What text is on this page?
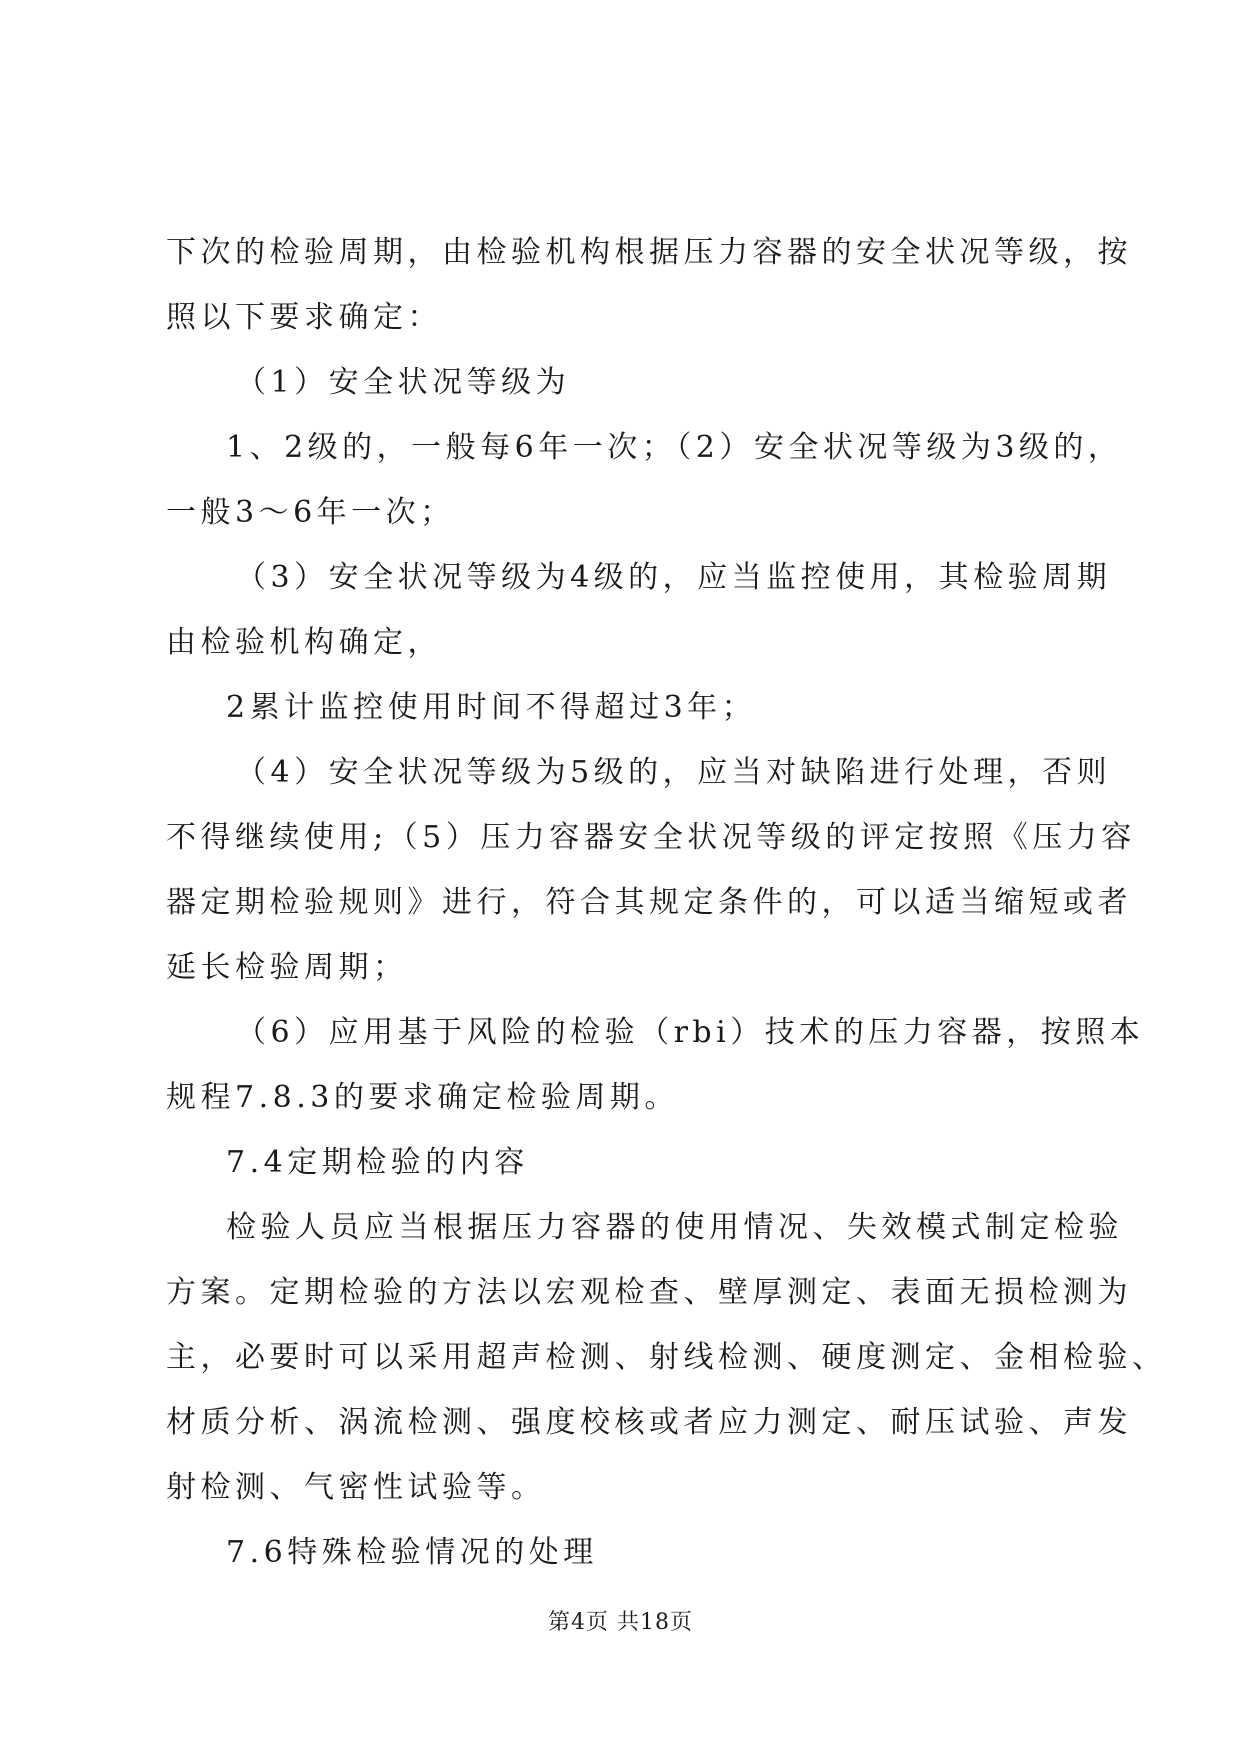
下次的检验周期，由检验机构根据压力容器的安全状况等级，按
照以下要求确定：
（1）安全状况等级为
1、2级的，一般每6年一次；（2）安全状况等级为3级的，
一般3～6年一次；
（3）安全状况等级为4级的，应当监控使用，其检验周期
由检验机构确定，
2累计监控使用时间不得超过3年；
（4）安全状况等级为5级的，应当对缺陷进行处理，否则
不得继续使用;（5）压力容器安全状况等级的评定按照《压力容
器定期检验规则》进行，符合其规定条件的，可以适当缩短或者
延长检验周期；
（6）应用基于风险的检验（rbi）技术的压力容器，按照本
规程7.8.3的要求确定检验周期。
7.4定期检验的内容
检验人员应当根据压力容器的使用情况、失效模式制定检验
方案。定期检验的方法以宏观检查、壁厚测定、表面无损检测为
主，必要时可以采用超声检测、射线检测、硬度测定、金相检验、
材质分析、涡流检测、强度校核或者应力测定、耐压试验、声发
射检测、气密性试验等。
7.6特殊检验情况的处理
第4页 共18页
